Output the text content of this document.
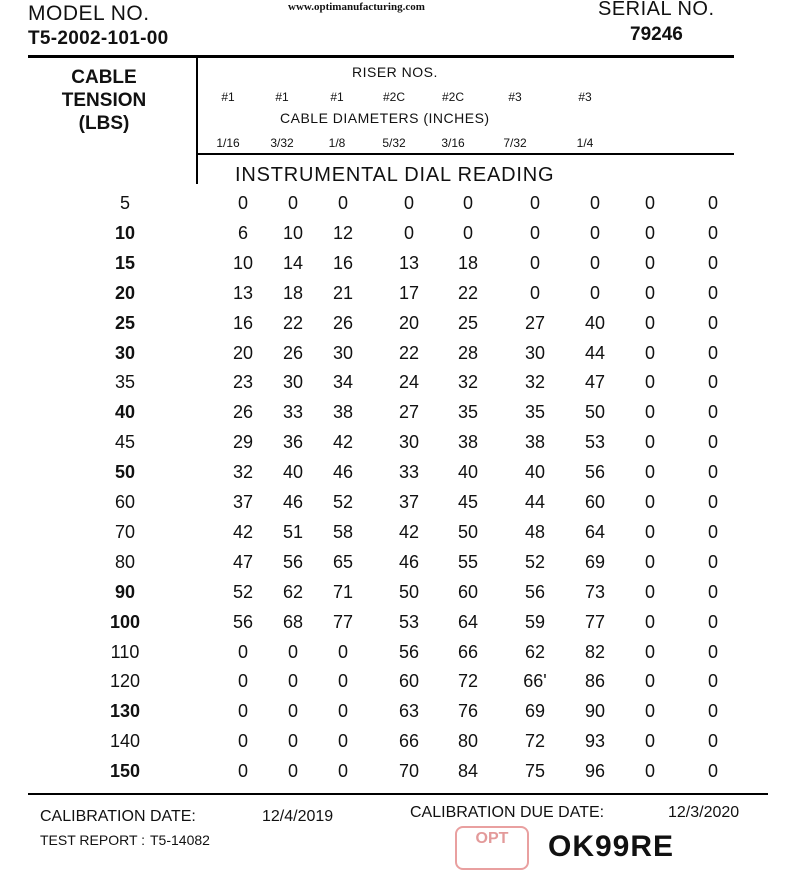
MODEL NO.
T5-2002-101-00
www.optimanufacturing.com	SERIAL NO.
79246
CABLE
TENSION
(LBS)
RISER NOS.
#1	#1	#1	#2C	#2C	#3	#3
CABLE DIAMETERS (INCHES)
1/16	3/32	1/8	5/32	3/16	7/32	1/4
INSTRUMENTAL DIAL READING
5	0	0	0	0	0	0	0	0	0
10	6	10	12	0	0	0	0	0	0
15	10	14	16	13	18	0	0	0	0
20	13	18	21	17	22	0	0	0	0
25	16	22	26	20	25	27	40	0	0
30	20	26	30	22	28	30	44	0	0
35	23	30	34	24	32	32	47	0	0
40	26	33	38	27	35	35	50	0	0
45	29	36	42	30	38	38	53	0	0
50	32	40	46	33	40	40	56	0	0
60	37	46	52	37	45	44	60	0	0
70	42	51	58	42	50	48	64	0	0
80	47	56	65	46	55	52	69	0	0
90	52	62	71	50	60	56	73	0	0
100	56	68	77	53	64	59	77	0	0
110	0	0	0	56	66	62	82	0	0
120	0	0	0	60	72	66'	86	0	0
130	0	0	0	63	76	69	90	0	0
140	0	0	0	66	80	72	93	0	0
150	0	0	0	70	84	75	96	0	0
CALIBRATION DATE:	12/4/2019	CALIBRATION DUE DATE:	12/3/2020
TEST REPORT : T5-14082	OPT	OK99RE
